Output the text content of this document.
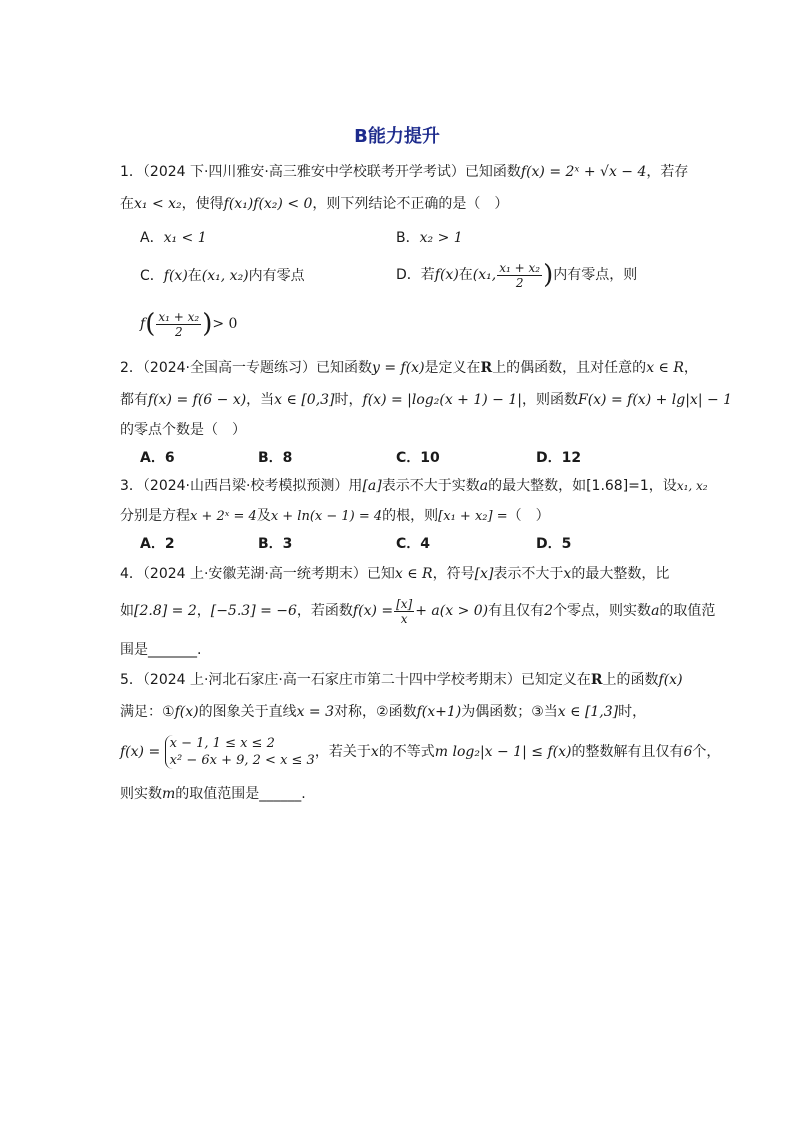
B能力提升
1．（2024 下·四川雅安·高三雅安中学校联考开学考试）已知函数f(x) = 2ˣ + √x − 4，若存
在x₁ < x₂，使得f(x₁)f(x₂) < 0，则下列结论不正确的是（　）
A．x₁ < 1	B．x₂ > 1
C．f(x)在(x₁, x₂)内有零点	D．若f(x)在(x₁, $\frac{\text{x₁ + x₂}}{2}$ )内有零点，则
$f( \frac{\text{x₁ + x₂}}{2}$ )> 0
2．（2024·全国高一专题练习）已知函数y = f(x)是定义在R上的偶函数，且对任意的x ∈ R，
都有f(x) = f(6 − x)，当x ∈ [0,3]时，f(x) = |log₂(x + 1) − 1|，则函数F(x) = f(x) + lg|x| − 1
的零点个数是（　）
A．6	B．8	C．10	D．12
3．（2024·山西吕梁·校考模拟预测）用[a]表示不大于实数a的最大整数，如[1.68]=1，设x₁, x₂
分别是方程x + 2ˣ = 4及x + ln(x − 1) = 4的根，则[x₁ + x₂] =（　）
A．2	B．3	C．4	D．5
4．（2024 上·安徽芜湖·高一统考期末）已知x ∈ R，符号[x]表示不大于x的最大整数，比
如[2.8] = 2，[−5.3] = −6，若函数$f(x) = \frac{[x]}{x} + a(x > 0)$有且仅有2个零点，则实数a的取值范
围是_______.
5．（2024 上·河北石家庄·高一石家庄市第二十四中学校考期末）已知定义在R上的函数f(x)
满足：①f(x)的图象关于直线x = 3对称，②函数f(x+1)为偶函数；③当x ∈ [1,3]时，
f(x) =
x − 1, 1 ≤ x ≤ 2
x² − 6x + 9, 2 < x ≤ 3
，若关于x的不等式m log₂|x − 1| ≤ f(x)的整数解有且仅有6个，
则实数m的取值范围是______.
